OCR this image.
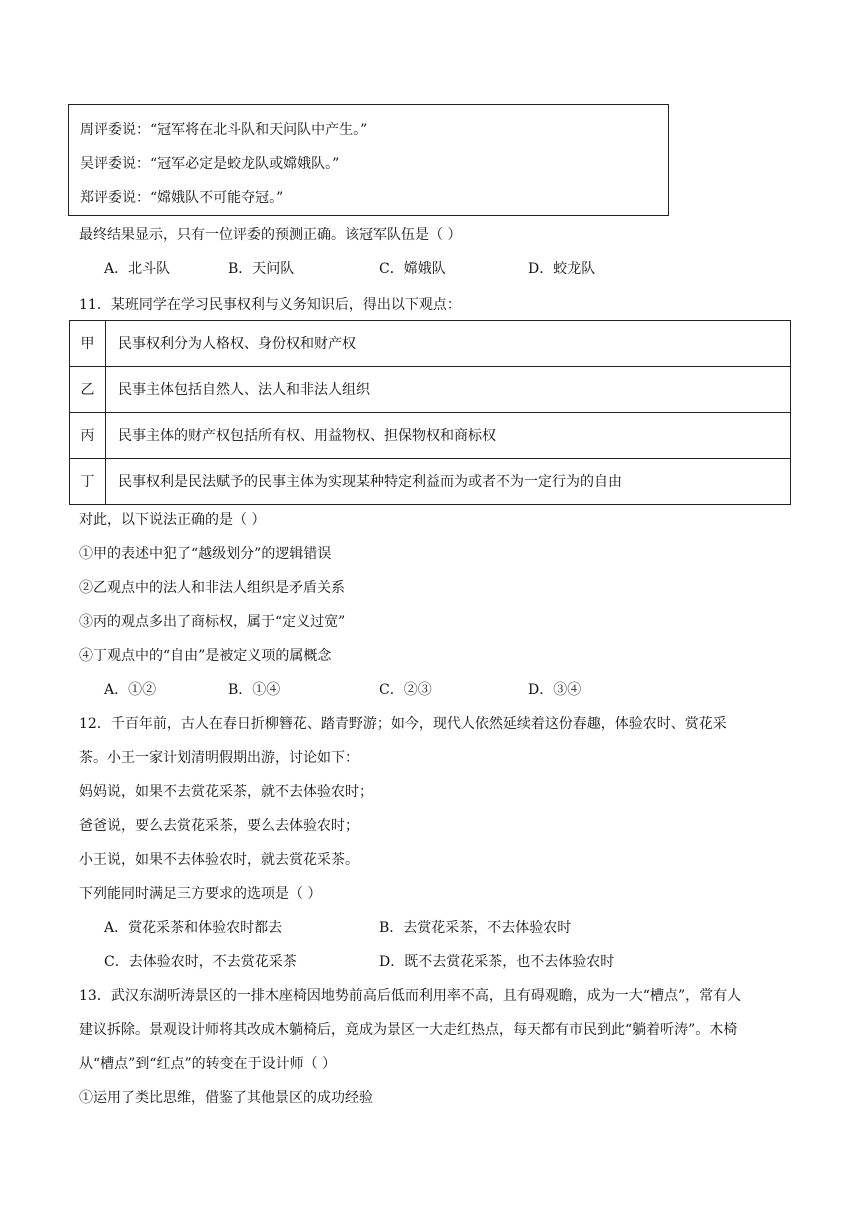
周评委说：“冠军将在北斗队和天问队中产生。”
吴评委说：“冠军必定是蛟龙队或嫦娥队。”
郑评委说：“嫦娥队不可能夺冠。”
最终结果显示，只有一位评委的预测正确。该冠军队伍是（ ）
A．北斗队	B．天问队	C．嫦娥队	D．蛟龙队
11．某班同学在学习民事权利与义务知识后，得出以下观点：
甲	民事权利分为人格权、身份权和财产权
乙	民事主体包括自然人、法人和非法人组织
丙	民事主体的财产权包括所有权、用益物权、担保物权和商标权
丁	民事权利是民法赋予的民事主体为实现某种特定利益而为或者不为一定行为的自由
对此，以下说法正确的是（ ）
①甲的表述中犯了“越级划分”的逻辑错误
②乙观点中的法人和非法人组织是矛盾关系
③丙的观点多出了商标权，属于“定义过宽”
④丁观点中的“自由”是被定义项的属概念
A．①②	B．①④	C．②③	D．③④
12．千百年前，古人在春日折柳簪花、踏青野游；如今，现代人依然延续着这份春趣，体验农时、赏花采
茶。小王一家计划清明假期出游，讨论如下：
妈妈说，如果不去赏花采茶，就不去体验农时；
爸爸说，要么去赏花采茶，要么去体验农时；
小王说，如果不去体验农时，就去赏花采茶。
下列能同时满足三方要求的选项是（ ）
A．赏花采茶和体验农时都去	B．去赏花采茶，不去体验农时
C．去体验农时，不去赏花采茶	D．既不去赏花采茶，也不去体验农时
13．武汉东湖听涛景区的一排木座椅因地势前高后低而利用率不高，且有碍观瞻，成为一大“槽点”，常有人
建议拆除。景观设计师将其改成木躺椅后，竟成为景区一大走红热点，每天都有市民到此“躺着听涛”。木椅
从“槽点”到“红点”的转变在于设计师（ ）
①运用了类比思维，借鉴了其他景区的成功经验
